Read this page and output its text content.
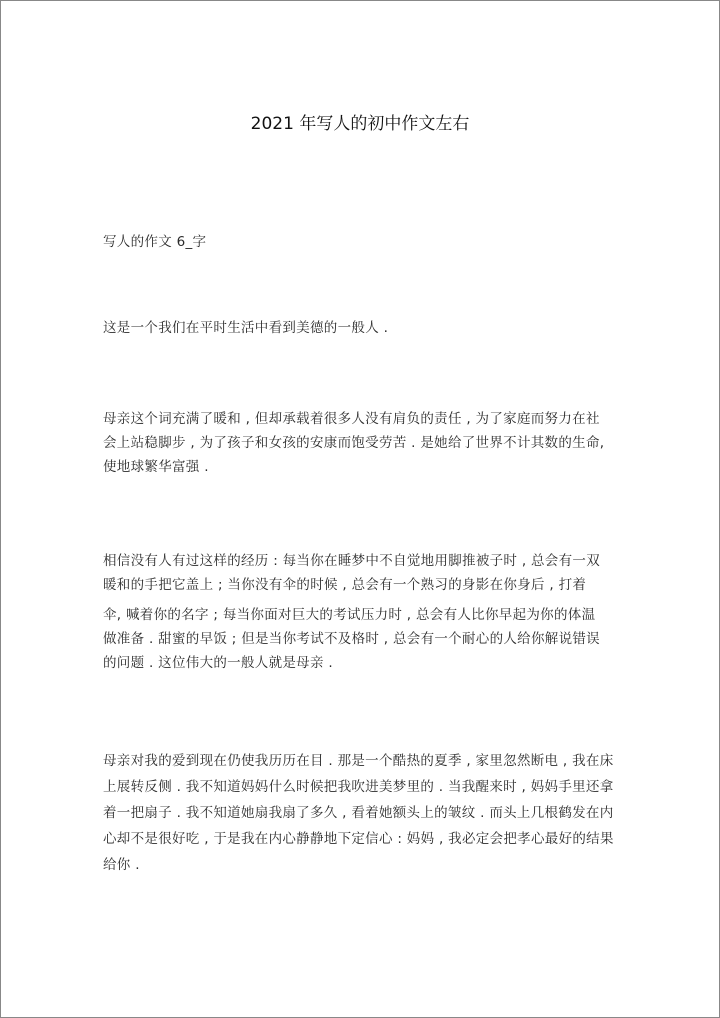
2021 年写人的初中作文左右
写人的作文 6_字
这是一个我们在平时生活中看到美德的一般人 .
母亲这个词充满了暖和 , 但却承载着很多人没有肩负的责任 , 为了家庭而努力在社
会上站稳脚步 , 为了孩子和女孩的安康而饱受劳苦 . 是她给了世界不计其数的生命,
使地球繁华富强 .
相信没有人有过这样的经历 : 每当你在睡梦中不自觉地用脚推被子时 , 总会有一双
暖和的手把它盖上 ; 当你没有伞的时候 , 总会有一个熟习的身影在你身后 , 打着
伞, 喊着你的名字 ; 每当你面对巨大的考试压力时 , 总会有人比你早起为你的体温
做准备 . 甜蜜的早饭 ; 但是当你考试不及格时 , 总会有一个耐心的人给你解说错误
的问题 . 这位伟大的一般人就是母亲 .
母亲对我的爱到现在仍使我历历在目 . 那是一个酷热的夏季 , 家里忽然断电 , 我在床
上展转反侧 . 我不知道妈妈什么时候把我吹进美梦里的 . 当我醒来时 , 妈妈手里还拿
着一把扇子 . 我不知道她扇我扇了多久 , 看着她额头上的皱纹 . 而头上几根鹤发在内
心却不是很好吃 , 于是我在内心静静地下定信心 : 妈妈 , 我必定会把孝心最好的结果
给你 .
